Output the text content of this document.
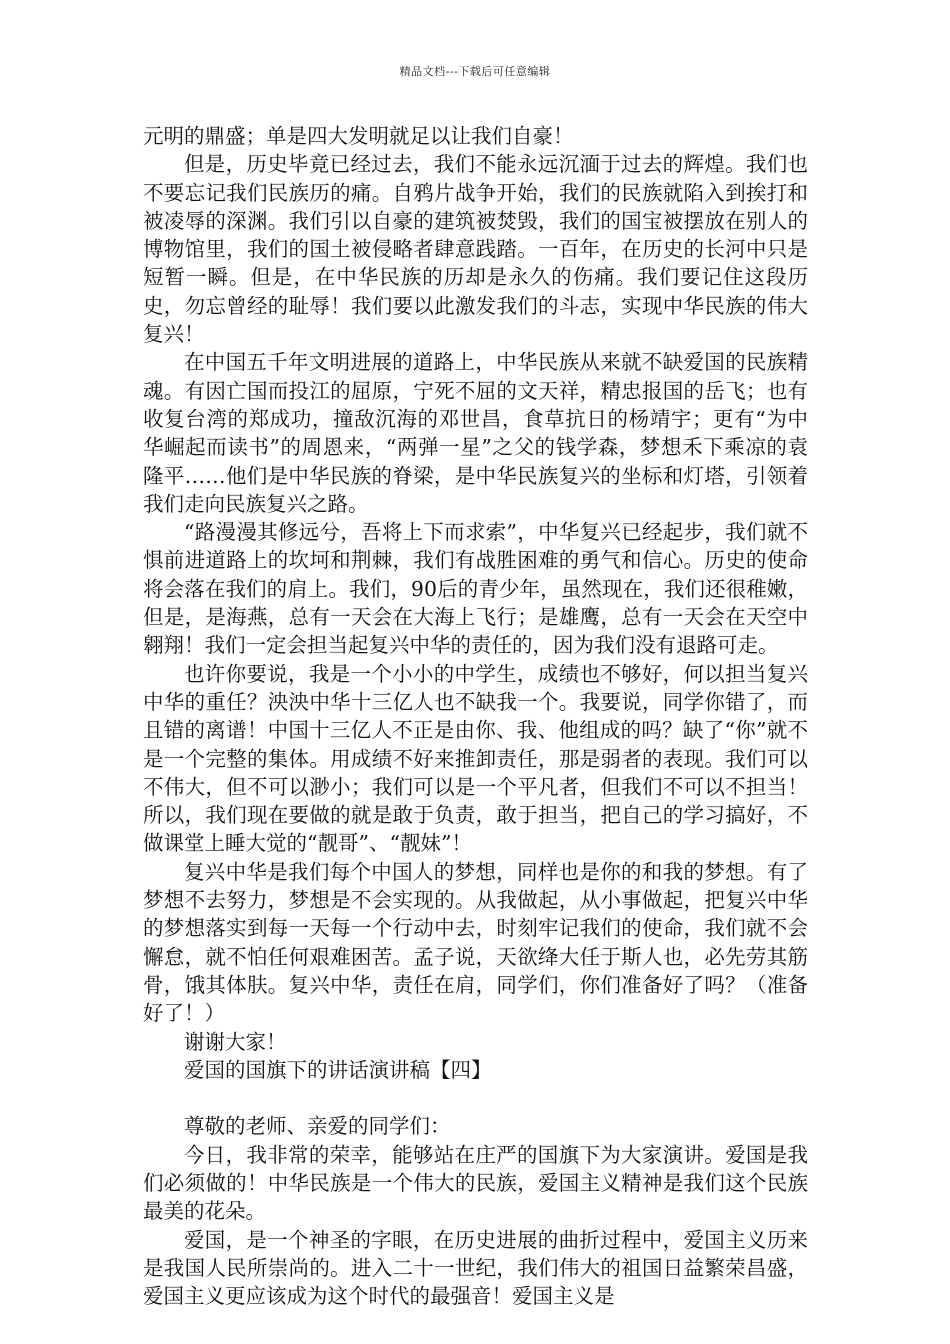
精品文档---下载后可任意编辑

元明的鼎盛；单是四大发明就足以让我们自豪！

但是，历史毕竟已经过去，我们不能永远沉湎于过去的辉煌。我们也不要忘记我们民族历的痛。自鸦片战争开始，我们的民族就陷入到挨打和被凌辱的深渊。我们引以自豪的建筑被焚毁，我们的国宝被摆放在别人的博物馆里，我们的国土被侵略者肆意践踏。一百年，在历史的长河中只是短暂一瞬。但是，在中华民族的历却是永久的伤痛。我们要记住这段历史，勿忘曾经的耻辱！我们要以此激发我们的斗志，实现中华民族的伟大复兴！

在中国五千年文明进展的道路上，中华民族从来就不缺爱国的民族精魂。有因亡国而投江的屈原，宁死不屈的文天祥，精忠报国的岳飞；也有收复台湾的郑成功，撞敌沉海的邓世昌，食草抗日的杨靖宇；更有“为中华崛起而读书”的周恩来，“两弹一星”之父的钱学森，梦想禾下乘凉的袁隆平……他们是中华民族的脊梁，是中华民族复兴的坐标和灯塔，引领着我们走向民族复兴之路。

“路漫漫其修远兮，吾将上下而求索”，中华复兴已经起步，我们就不惧前进道路上的坎坷和荆棘，我们有战胜困难的勇气和信心。历史的使命将会落在我们的肩上。我们，90后的青少年，虽然现在，我们还很稚嫩，但是，是海燕，总有一天会在大海上飞行；是雄鹰，总有一天会在天空中翱翔！我们一定会担当起复兴中华的责任的，因为我们没有退路可走。

也许你要说，我是一个小小的中学生，成绩也不够好，何以担当复兴中华的重任？泱泱中华十三亿人也不缺我一个。我要说，同学你错了，而且错的离谱！中国十三亿人不正是由你、我、他组成的吗？缺了“你”就不是一个完整的集体。用成绩不好来推卸责任，那是弱者的表现。我们可以不伟大，但不可以渺小；我们可以是一个平凡者，但我们不可以不担当！所以，我们现在要做的就是敢于负责，敢于担当，把自己的学习搞好，不做课堂上睡大觉的“靓哥”、“靓妹”！

复兴中华是我们每个中国人的梦想，同样也是你的和我的梦想。有了梦想不去努力，梦想是不会实现的。从我做起，从小事做起，把复兴中华的梦想落实到每一天每一个行动中去，时刻牢记我们的使命，我们就不会懈怠，就不怕任何艰难困苦。孟子说，天欲绛大任于斯人也，必先劳其筋骨，饿其体肤。复兴中华，责任在肩，同学们，你们准备好了吗？（准备好了！）

谢谢大家！

爱国的国旗下的讲话演讲稿【四】

尊敬的老师、亲爱的同学们：

今日，我非常的荣幸，能够站在庄严的国旗下为大家演讲。爱国是我们必须做的！中华民族是一个伟大的民族，爱国主义精神是我们这个民族最美的花朵。

爱国，是一个神圣的字眼，在历史进展的曲折过程中，爱国主义历来是我国人民所崇尚的。进入二十一世纪，我们伟大的祖国日益繁荣昌盛，爱国主义更应该成为这个时代的最强音！爱国主义是
